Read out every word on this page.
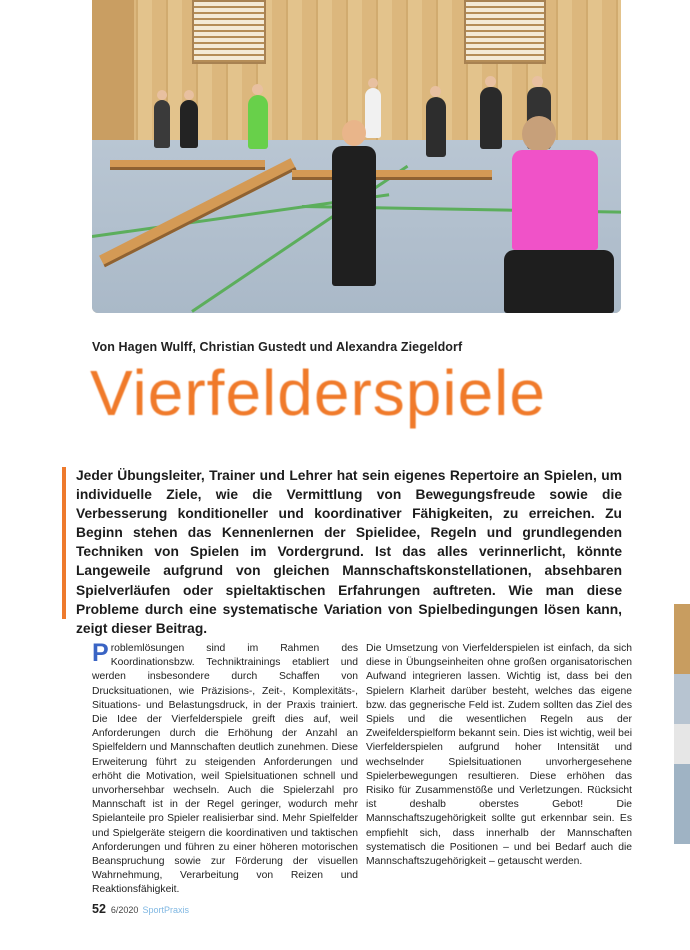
Von Hagen Wulff, Christian Gustedt und Alexandra Ziegeldorf
Vierfelderspiele
Jeder Übungsleiter, Trainer und Lehrer hat sein eigenes Repertoire an Spielen, um individuelle Ziele, wie die Vermittlung von Bewegungsfreude sowie die Verbesserung konditioneller und koordinativer Fähigkeiten, zu erreichen. Zu Beginn stehen das Kennenlernen der Spielidee, Regeln und grundlegenden Techniken von Spielen im Vordergrund. Ist das alles verinnerlicht, könnte Langeweile aufgrund von gleichen Mannschaftskonstellationen, absehbaren Spielverläufen oder spieltaktischen Erfahrungen auftreten. Wie man diese Probleme durch eine systematische Variation von Spielbedingungen lösen kann, zeigt dieser Beitrag.
Problemlösungen sind im Rahmen des Koordinationsbzw. Techniktrainings etabliert und werden insbesondere durch Schaffen von Drucksituationen, wie Präzisions-, Zeit-, Komplexitäts-, Situations- und Belastungsdruck, in der Praxis trainiert. Die Idee der Vierfelderspiele greift dies auf, weil Anforderungen durch die Erhöhung der Anzahl an Spielfeldern und Mannschaften deutlich zunehmen. Diese Erweiterung führt zu steigenden Anforderungen und erhöht die Motivation, weil Spielsituationen schnell und unvorhersehbar wechseln. Auch die Spielerzahl pro Mannschaft ist in der Regel geringer, wodurch mehr Spielanteile pro Spieler realisierbar sind. Mehr Spielfelder und Spielgeräte steigern die koordinativen und taktischen Anforderungen und führen zu einer höheren motorischen Beanspruchung sowie zur Förderung der visuellen Wahrnehmung, Verarbeitung von Reizen und Reaktionsfähigkeit.
Die Umsetzung von Vierfelderspielen ist einfach, da sich diese in Übungseinheiten ohne großen organisatorischen Aufwand integrieren lassen. Wichtig ist, dass bei den Spielern Klarheit darüber besteht, welches das eigene bzw. das gegnerische Feld ist. Zudem sollten das Ziel des Spiels und die wesentlichen Regeln aus der Zweifelderspielform bekannt sein. Dies ist wichtig, weil bei Vierfelderspielen aufgrund hoher Intensität und wechselnder Spielsituationen unvorhergesehene Spielerbewegungen resultieren. Diese erhöhen das Risiko für Zusammenstöße und Verletzungen. Rücksicht ist deshalb oberstes Gebot! Die Mannschaftszugehörigkeit sollte gut erkennbar sein. Es empfiehlt sich, dass innerhalb der Mannschaften systematisch die Positionen – und bei Bedarf auch die Mannschaftszugehörigkeit – getauscht werden.
52 6/2020 SportPraxis
